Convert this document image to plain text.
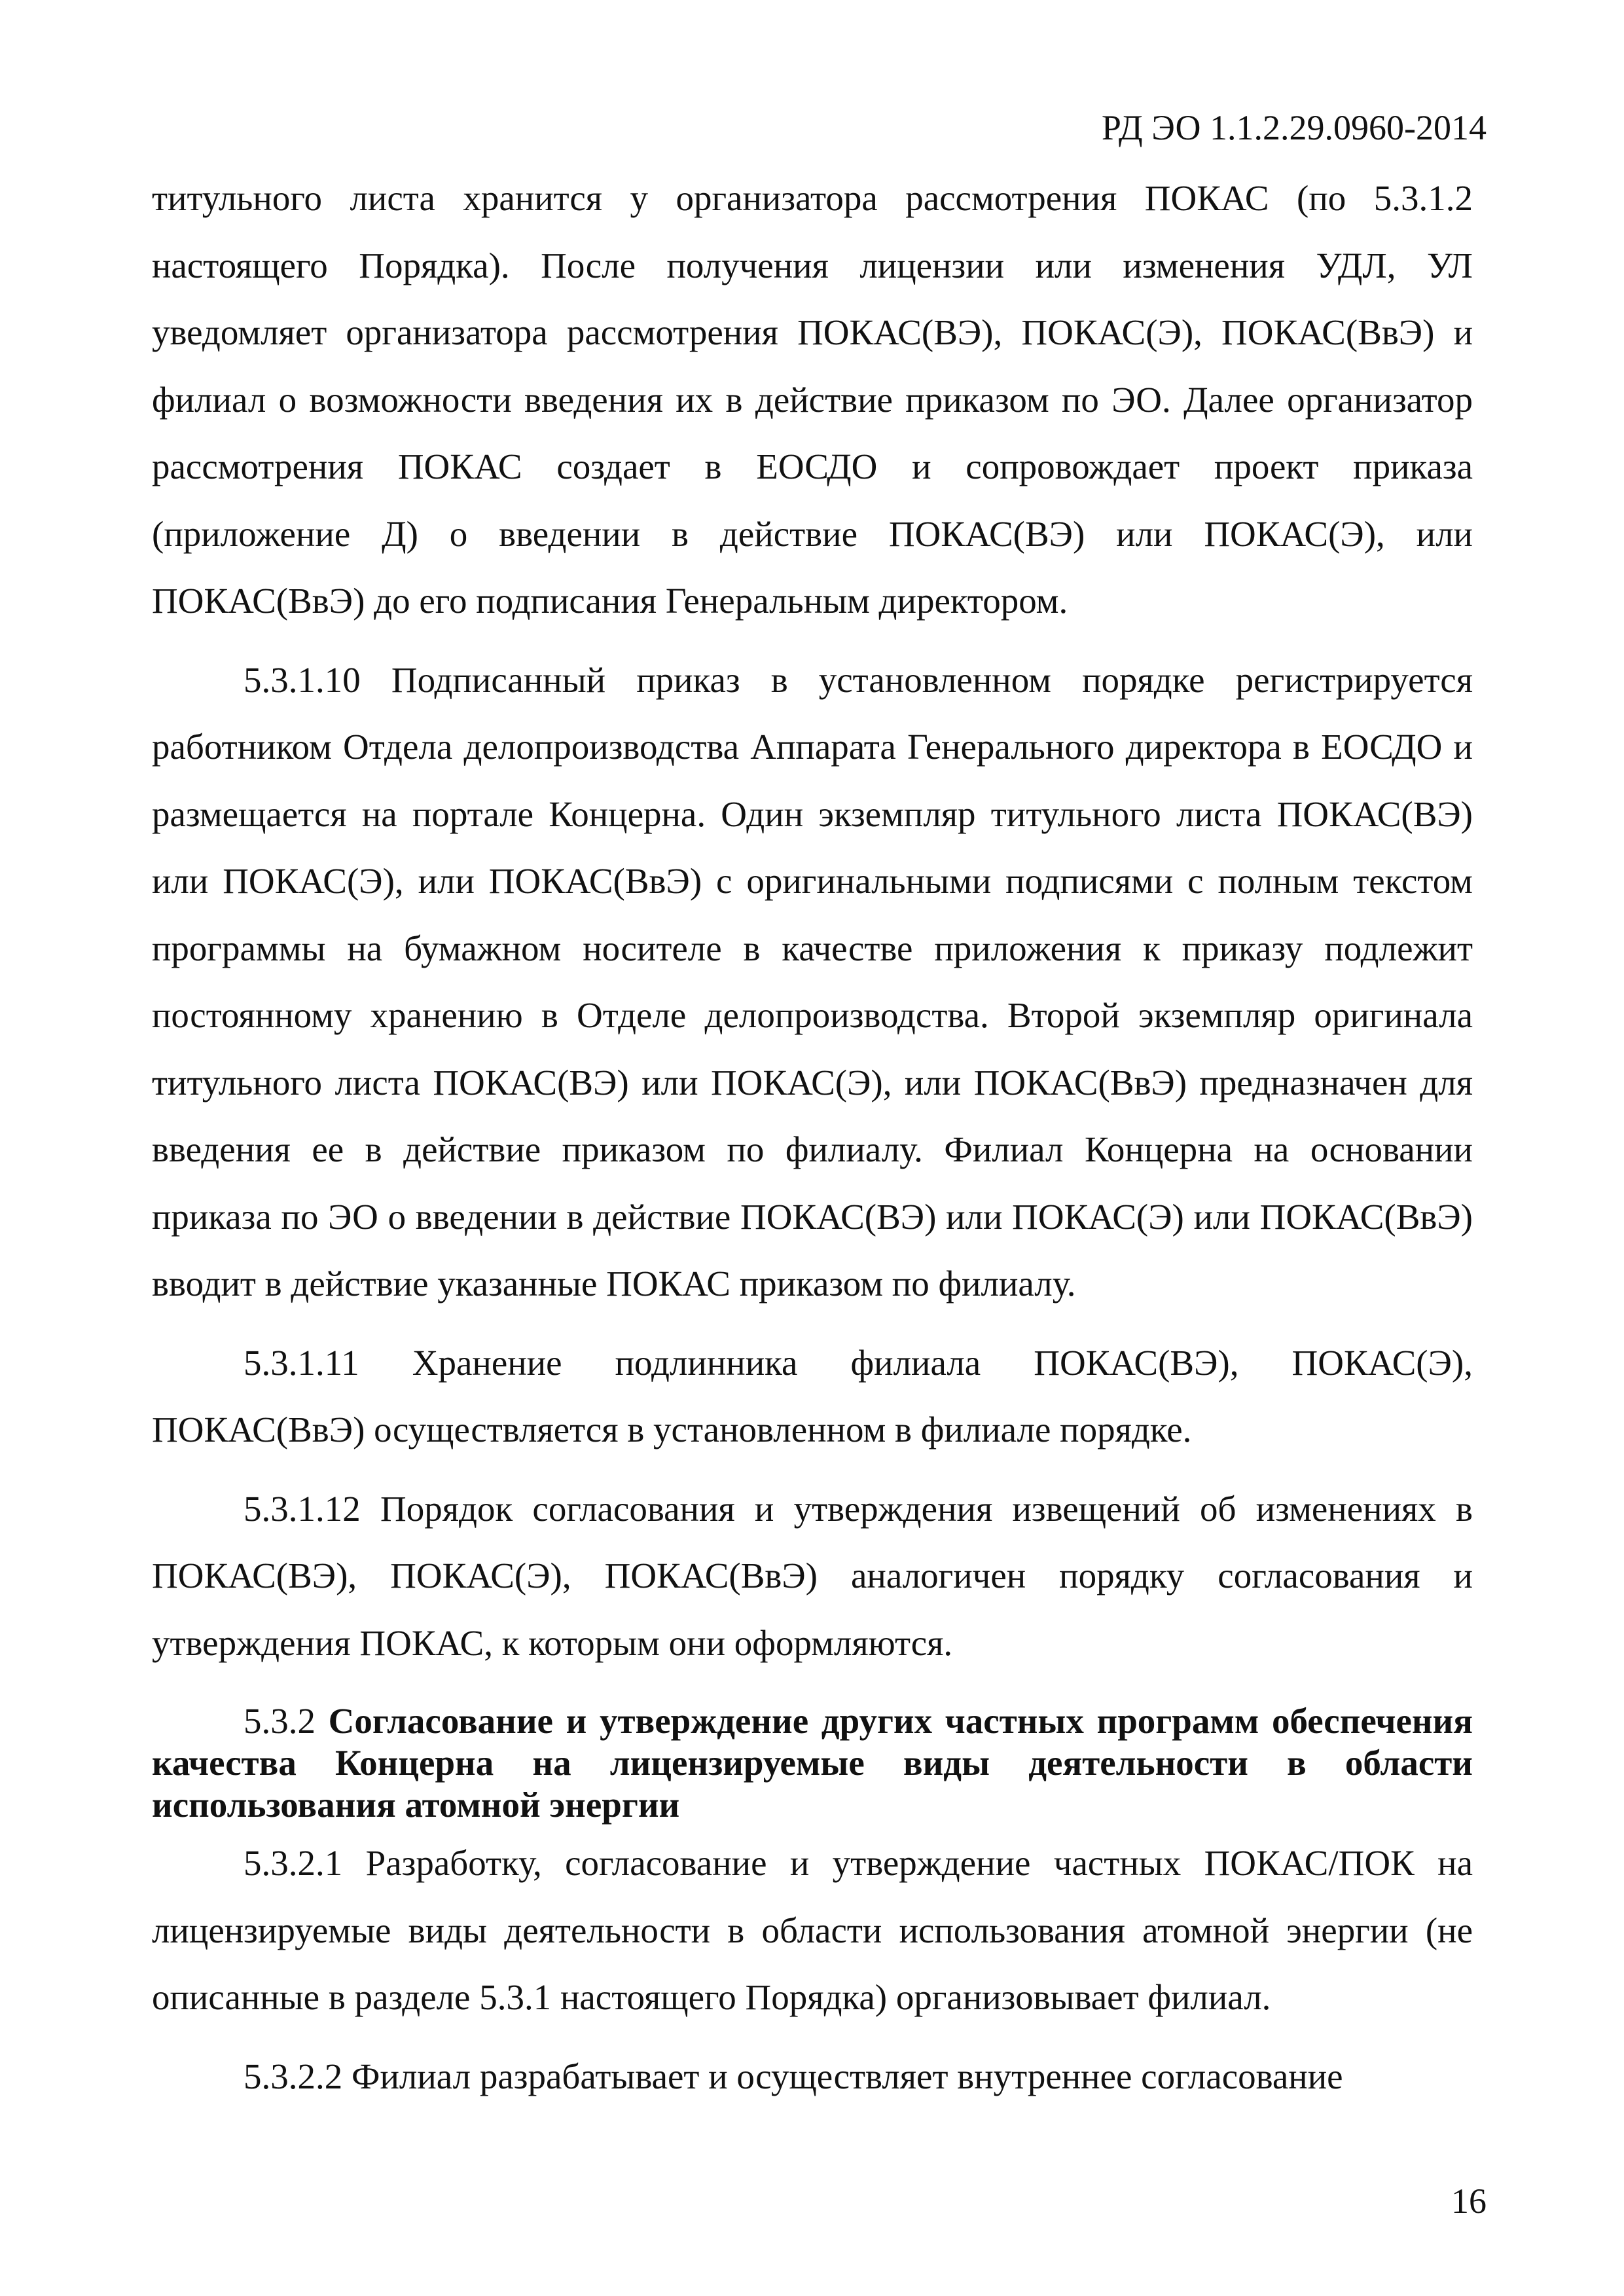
РД ЭО 1.1.2.29.0960-2014

титульного листа хранится у организатора рассмотрения ПОКАС (по 5.3.1.2 настоящего Порядка). После получения лицензии или изменения УДЛ, УЛ уведомляет организатора рассмотрения ПОКАС(ВЭ), ПОКАС(Э), ПОКАС(ВвЭ) и филиал о возможности введения их в действие приказом по ЭО. Далее организатор рассмотрения ПОКАС создает в ЕОСДО и сопровождает проект приказа (приложение Д) о введении в действие ПОКАС(ВЭ) или ПОКАС(Э), или ПОКАС(ВвЭ) до его подписания Генеральным директором.

5.3.1.10 Подписанный приказ в установленном порядке регистрируется работником Отдела делопроизводства Аппарата Генерального директора в ЕОСДО и размещается на портале Концерна. Один экземпляр титульного листа ПОКАС(ВЭ) или ПОКАС(Э), или ПОКАС(ВвЭ) с оригинальными подписями с полным текстом программы на бумажном носителе в качестве приложения к приказу подлежит постоянному хранению в Отделе делопроизводства. Второй экземпляр оригинала титульного листа ПОКАС(ВЭ) или ПОКАС(Э), или ПОКАС(ВвЭ) предназначен для введения ее в действие приказом по филиалу. Филиал Концерна на основании приказа по ЭО о введении в действие ПОКАС(ВЭ) или ПОКАС(Э) или ПОКАС(ВвЭ) вводит в действие указанные ПОКАС приказом по филиалу.

5.3.1.11 Хранение подлинника филиала ПОКАС(ВЭ), ПОКАС(Э), ПОКАС(ВвЭ) осуществляется в установленном в филиале порядке.

5.3.1.12 Порядок согласования и утверждения извещений об изменениях в ПОКАС(ВЭ), ПОКАС(Э), ПОКАС(ВвЭ) аналогичен порядку согласования и утверждения ПОКАС, к которым они оформляются.

5.3.2 Согласование и утверждение других частных программ обеспечения качества Концерна на лицензируемые виды деятельности в области использования атомной энергии

5.3.2.1 Разработку, согласование и утверждение частных ПОКАС/ПОК на лицензируемые виды деятельности в области использования атомной энергии (не описанные в разделе 5.3.1 настоящего Порядка) организовывает филиал.

5.3.2.2 Филиал разрабатывает и осуществляет внутреннее согласование

16
